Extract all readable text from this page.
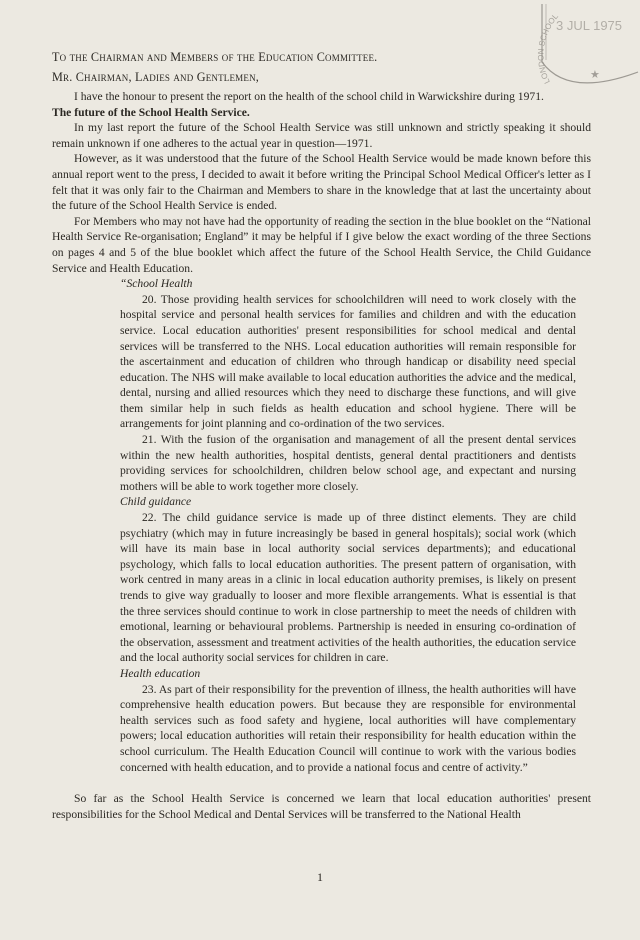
LONDON SCHOOL
3 JUL 1975
★
To the Chairman and Members of the Education Committee.
Mr. Chairman, Ladies and Gentlemen,

I have the honour to present the report on the health of the school child in Warwickshire during 1971.

The future of the School Health Service.

In my last report the future of the School Health Service was still unknown and strictly speaking it should remain unknown if one adheres to the actual year in question—1971.

However, as it was understood that the future of the School Health Service would be made known before this annual report went to the press, I decided to await it before writing the Principal School Medical Officer's letter as I felt that it was only fair to the Chairman and Members to share in the knowledge that at last the uncertainty about the future of the School Health Service is ended.

For Members who may not have had the opportunity of reading the section in the blue booklet on the “National Health Service Re-organisation; England” it may be helpful if I give below the exact wording of the three Sections on pages 4 and 5 of the blue booklet which affect the future of the School Health Service, the Child Guidance Service and Health Education.

“School Health

20. Those providing health services for schoolchildren will need to work closely with the hospital service and personal health services for families and children and with the education service. Local education authorities' present responsibilities for school medical and dental services will be transferred to the NHS. Local education authorities will remain responsible for the ascertainment and education of children who through handicap or disability need special education. The NHS will make available to local education authorities the advice and the medical, dental, nursing and allied resources which they need to discharge these functions, and will give them similar help in such fields as health education and school hygiene. There will be arrangements for joint planning and co-ordination of the two services.

21. With the fusion of the organisation and management of all the present dental services within the new health authorities, hospital dentists, general dental practitioners and dentists providing services for schoolchildren, children below school age, and expectant and nursing mothers will be able to work together more closely.

Child guidance

22. The child guidance service is made up of three distinct elements. They are child psychiatry (which may in future increasingly be based in general hospitals); social work (which will have its main base in local authority social services departments); and educational psychology, which falls to local education authorities. The present pattern of organisation, with work centred in many areas in a clinic in local education authority premises, is likely on present trends to give way gradually to looser and more flexible arrangements. What is essential is that the three services should continue to work in close partnership to meet the needs of children with emotional, learning or behavioural problems. Partnership is needed in ensuring co-ordination of the observation, assessment and treatment activities of the health authorities, the education service and the local authority social services for children in care.

Health education

23. As part of their responsibility for the prevention of illness, the health authorities will have comprehensive health education powers. But because they are responsible for environmental health services such as food safety and hygiene, local authorities will have complementary powers; local education authorities will retain their responsibility for health education within the school curriculum. The Health Education Council will continue to work with the various bodies concerned with health education, and to provide a national focus and centre of activity.”

So far as the School Health Service is concerned we learn that local education authorities' present responsibilities for the School Medical and Dental Services will be transferred to the National Health

1
